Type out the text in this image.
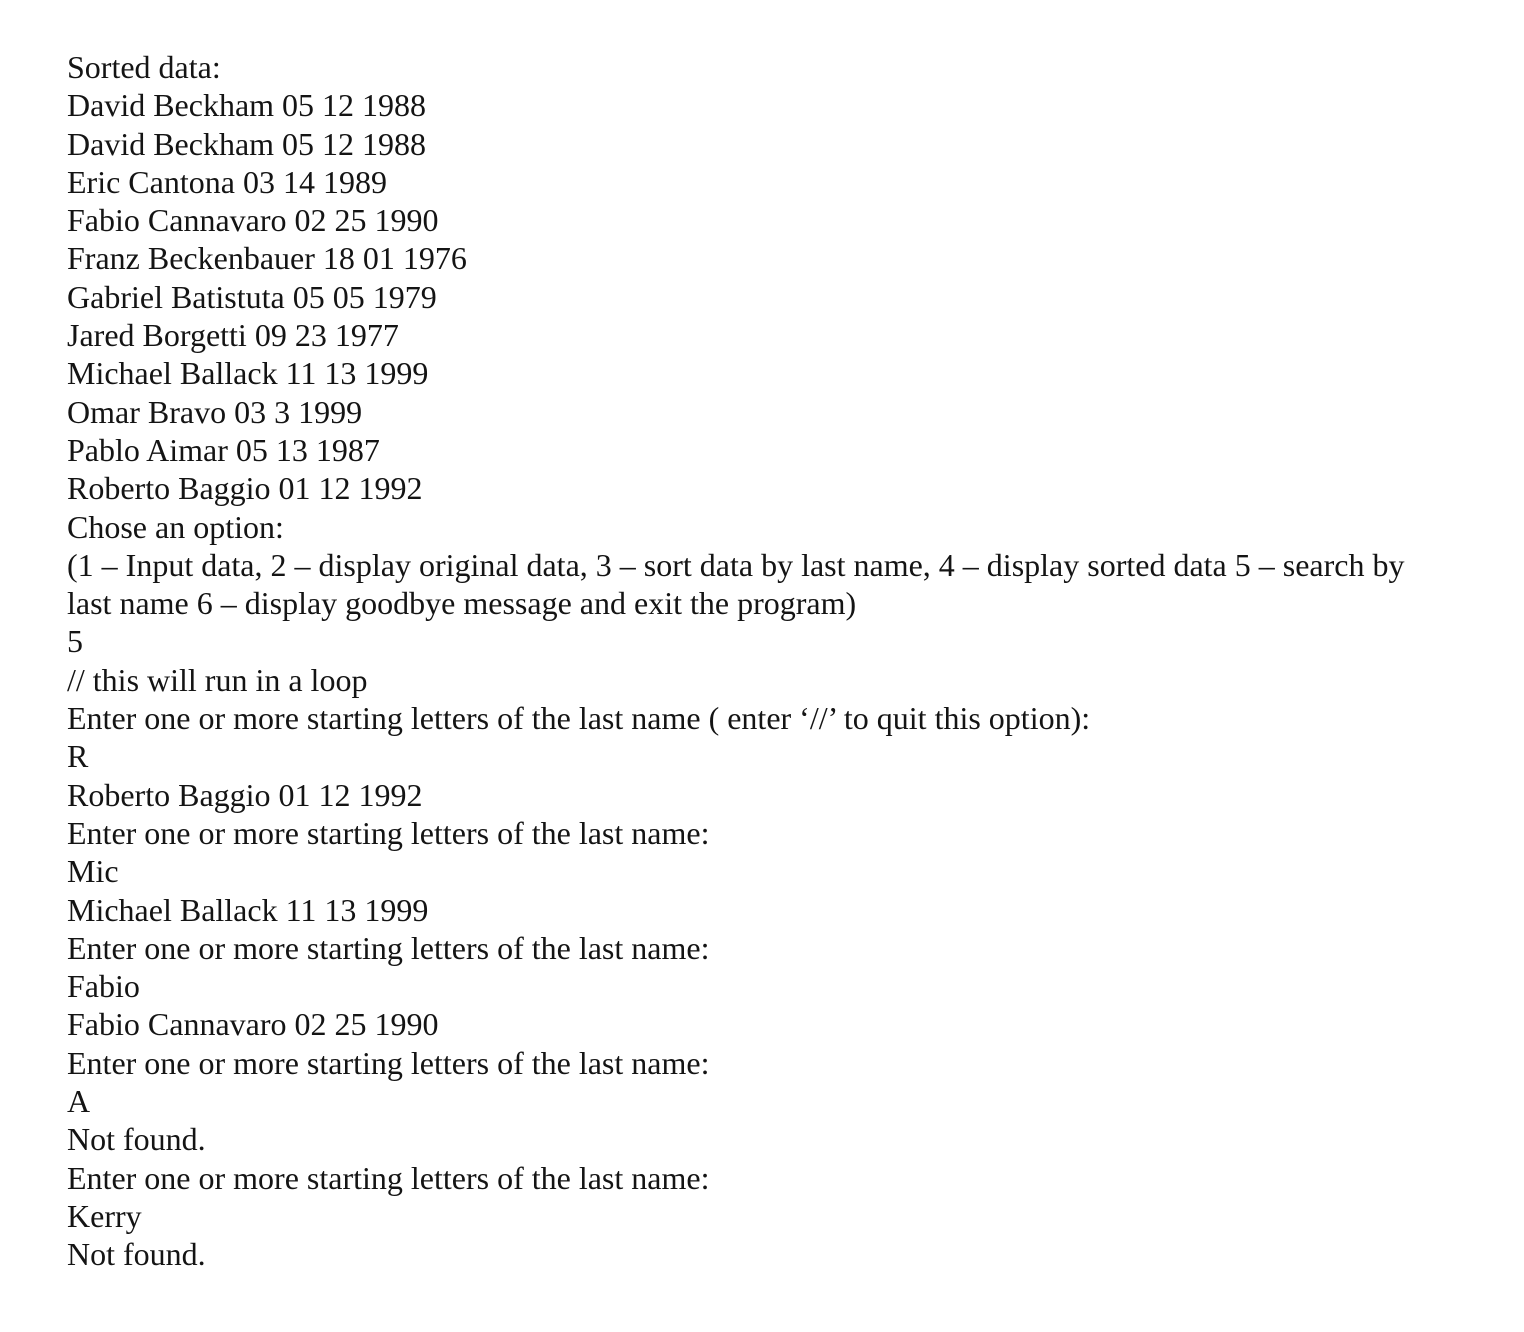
Sorted data:

David Beckham 05 12 1988

David Beckham 05 12 1988

Eric Cantona 03 14 1989

Fabio Cannavaro 02 25 1990

Franz Beckenbauer 18 01 1976

Gabriel Batistuta 05 05 1979

Jared Borgetti 09 23 1977

Michael Ballack 11 13 1999

Omar Bravo 03 3 1999

Pablo Aimar 05 13 1987

Roberto Baggio 01 12 1992

Chose an option:

(1 – Input data, 2 – display original data, 3 – sort data by last name, 4 – display sorted data 5 – search by last name 6 – display goodbye message and exit the program)

5

// this will run in a loop

Enter one or more starting letters of the last name ( enter ‘//’ to quit this option):

R

Roberto Baggio 01 12 1992

Enter one or more starting letters of the last name:

Mic

Michael Ballack 11 13 1999

Enter one or more starting letters of the last name:

Fabio

Fabio Cannavaro 02 25 1990

Enter one or more starting letters of the last name:

A

Not found.

Enter one or more starting letters of the last name:

Kerry

Not found.
